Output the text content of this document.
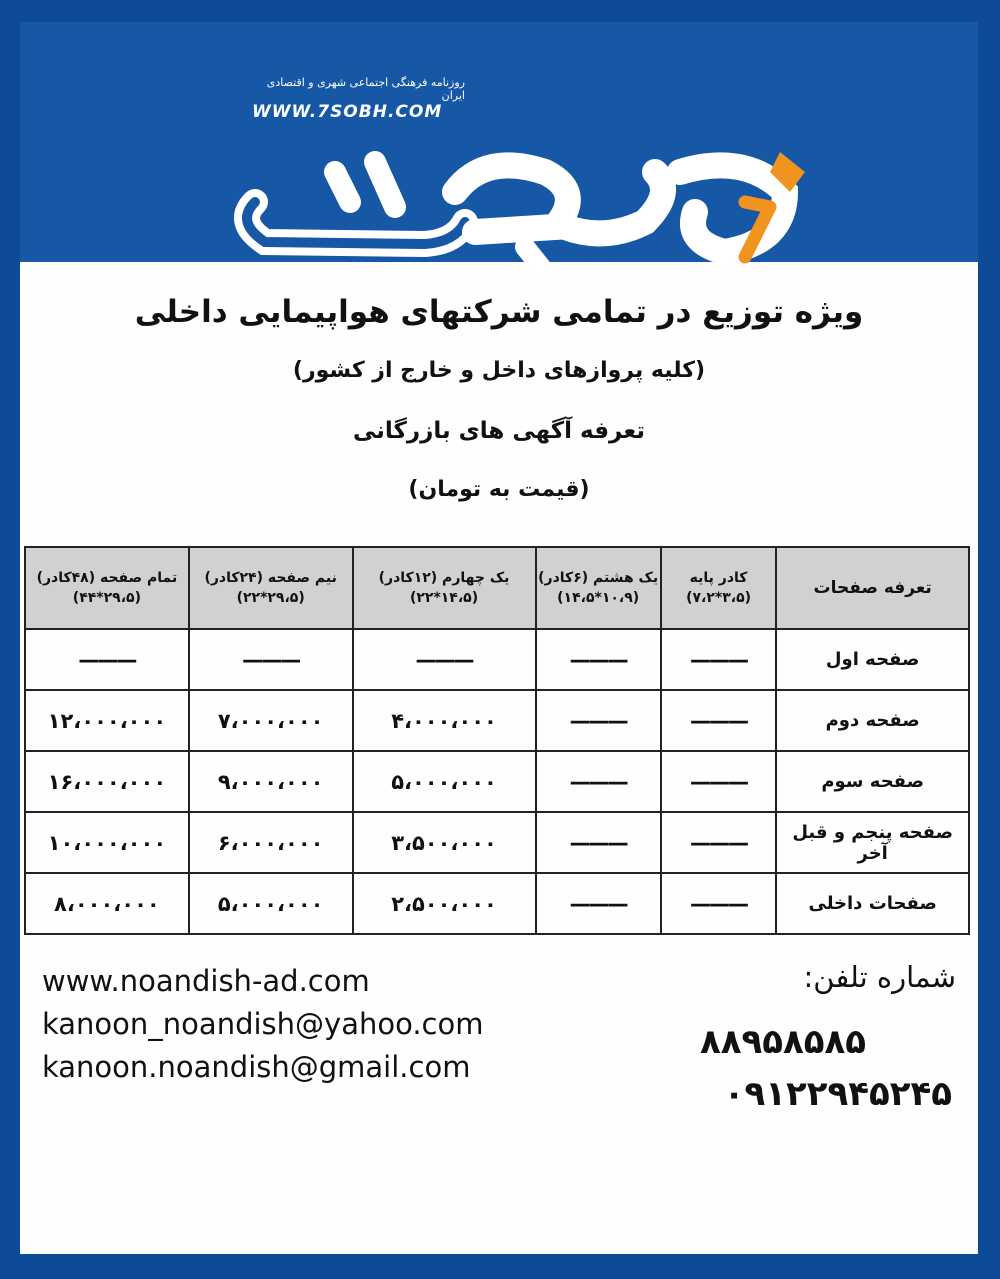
روزنامه فرهنگی اجتماعی شهری و اقتصادی ایران
WWW.7SOBH.COM
ویژه توزیع در تمامی شرکتهای هواپیمایی داخلی
(کلیه پروازهای داخل و خارج از کشور)
تعرفه آگهی های بازرگانی
(قیمت به تومان)
تعرفه صفحات	کادر پایه (۳،۵*۷،۲)	یک هشتم (۶کادر) (۱۰،۹*۱۴،۵)	یک چهارم (۱۲کادر) (۱۴،۵*۲۲)	نیم صفحه (۲۴کادر) (۲۹،۵*۲۲)	تمام صفحه (۴۸کادر) (۲۹،۵*۴۴)
صفحه اول	———	———	———	———	———
صفحه دوم	———	———	۴،۰۰۰،۰۰۰	۷،۰۰۰،۰۰۰	۱۲،۰۰۰،۰۰۰
صفحه سوم	———	———	۵،۰۰۰،۰۰۰	۹،۰۰۰،۰۰۰	۱۶،۰۰۰،۰۰۰
صفحه پنجم و قبل آخر	———	———	۳،۵۰۰،۰۰۰	۶،۰۰۰،۰۰۰	۱۰،۰۰۰،۰۰۰
صفحات داخلی	———	———	۲،۵۰۰،۰۰۰	۵،۰۰۰،۰۰۰	۸،۰۰۰،۰۰۰
www.noandish-ad.com
kanoon_noandish@yahoo.com
kanoon.noandish@gmail.com
شماره تلفن:
۸۸۹۵۸۵۸۵
۰۹۱۲۲۹۴۵۲۴۵
